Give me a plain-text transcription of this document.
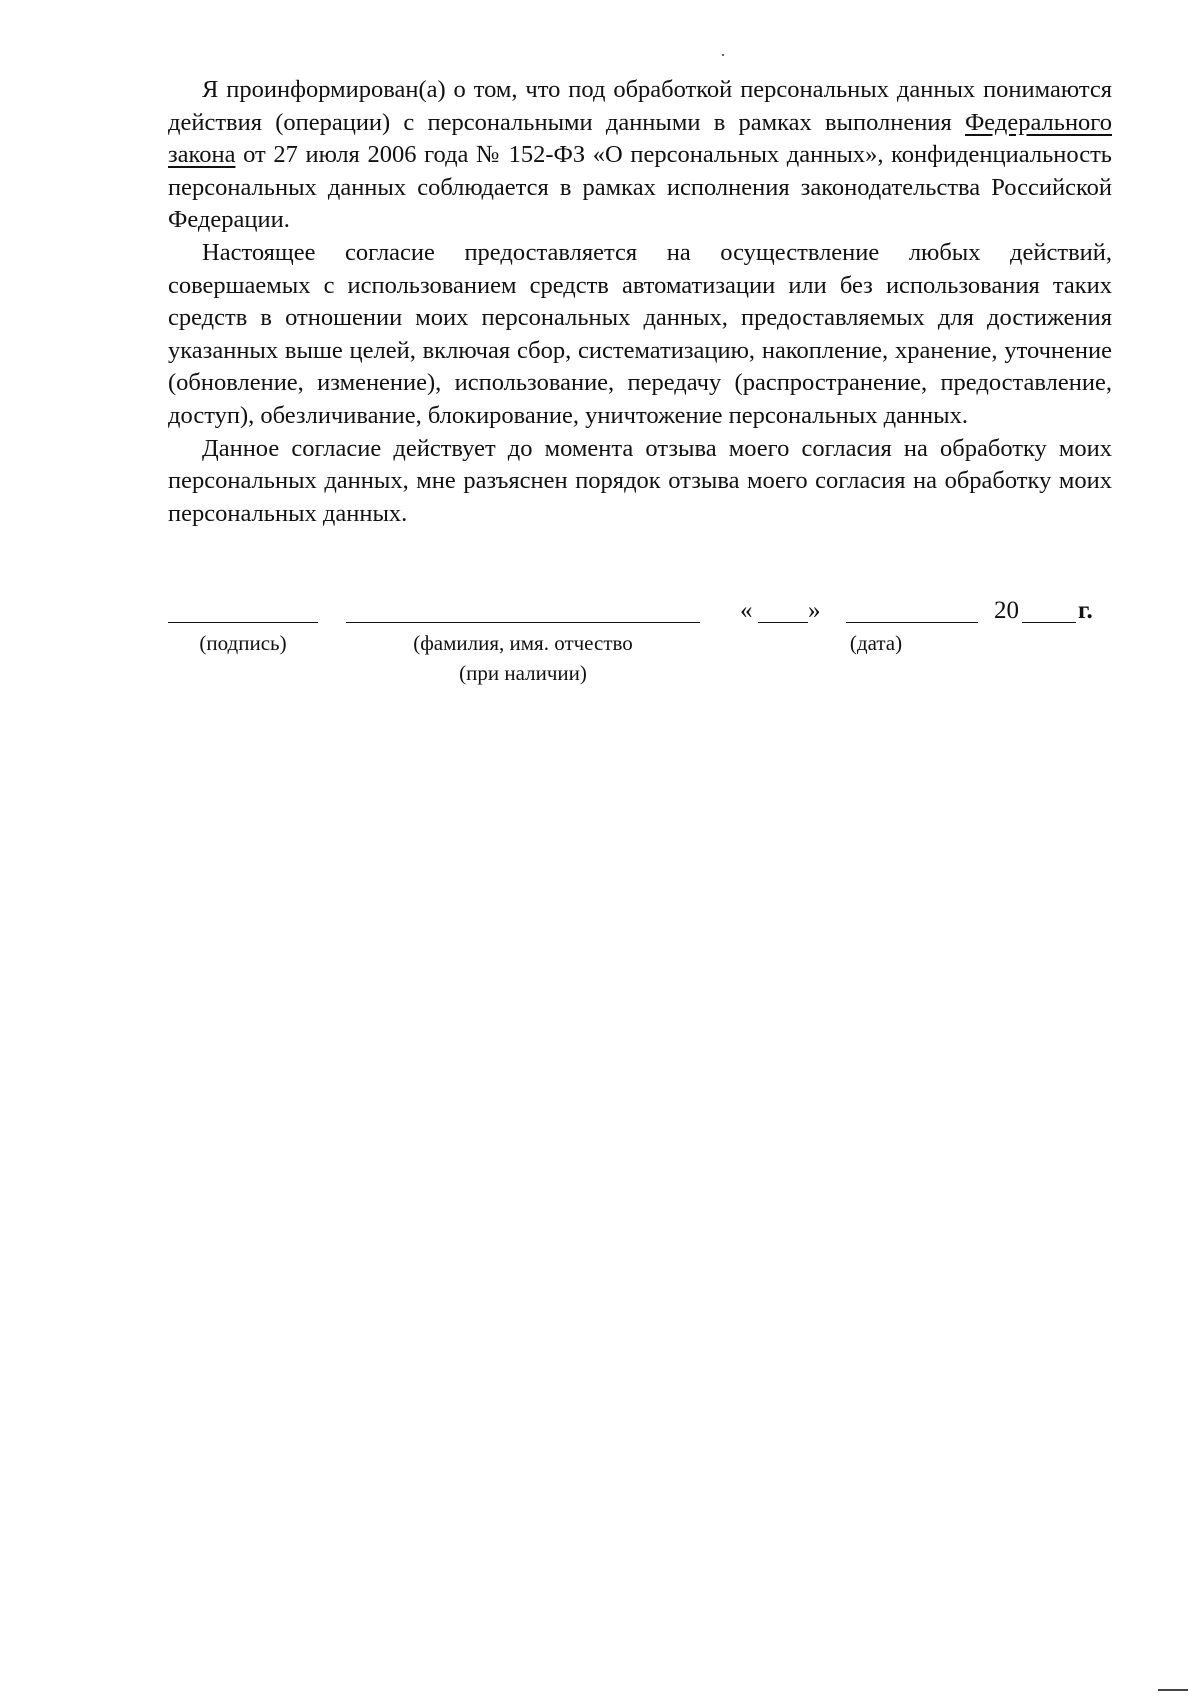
Я проинформирован(а) о том, что под обработкой персональных данных понимаются действия (операции) с персональными данными в рамках выполнения Федерального закона от 27 июля 2006 года № 152-ФЗ «О персональных данных», конфиденциальность персональных данных соблюдается в рамках исполнения законодательства Российской Федерации.

Настоящее согласие предоставляется на осуществление любых действий, совершаемых с использованием средств автоматизации или без использования таких средств в отношении моих персональных данных, предоставляемых для достижения указанных выше целей, включая сбор, систематизацию, накопление, хранение, уточнение (обновление, изменение), использование, передачу (распространение, предоставление, доступ), обезличивание, блокирование, уничтожение персональных данных.

Данное согласие действует до момента отзыва моего согласия на обработку моих персональных данных, мне разъяснен порядок отзыва моего согласия на обработку моих персональных данных.

(подпись)	(фамилия, имя. отчество
(при наличии)
« »
(дата)
20 г.
